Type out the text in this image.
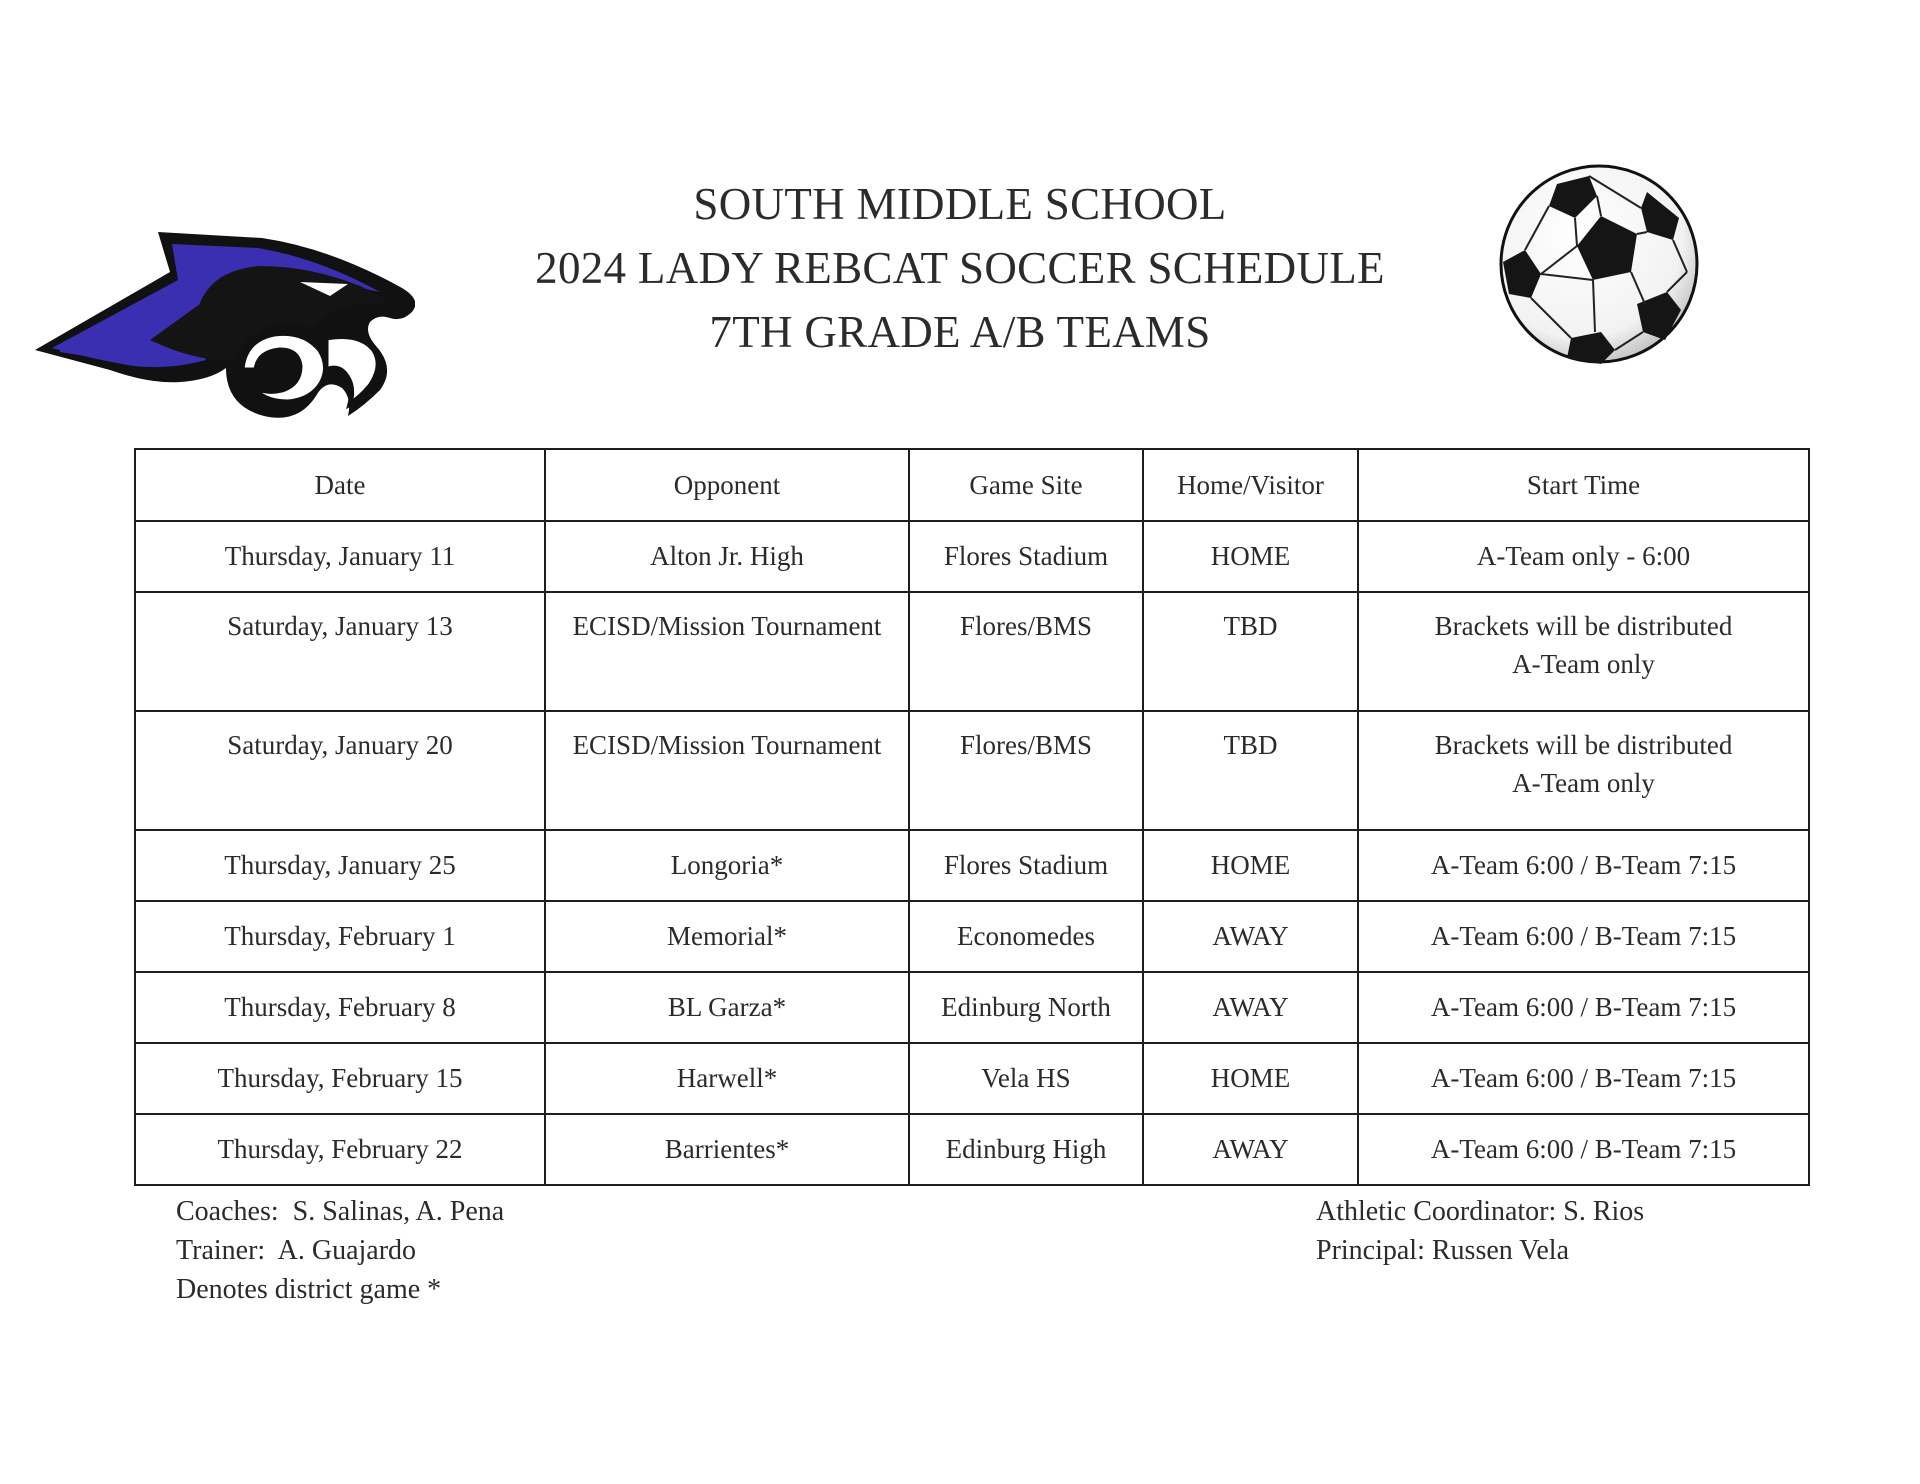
SOUTH MIDDLE SCHOOL
2024 LADY REBCAT SOCCER SCHEDULE
7TH GRADE A/B TEAMS
Date	Opponent	Game Site	Home/Visitor	Start Time
Thursday, January 11	Alton Jr. High	Flores Stadium	HOME	A-Team only - 6:00
Saturday, January 13	ECISD/Mission Tournament	Flores/BMS	TBD	Brackets will be distributed
A-Team only

Saturday, January 20	ECISD/Mission Tournament	Flores/BMS	TBD	Brackets will be distributed
A-Team only

Thursday, January 25	Longoria*	Flores Stadium	HOME	A-Team 6:00 / B-Team 7:15
Thursday, February 1	Memorial*	Economedes	AWAY	A-Team 6:00 / B-Team 7:15
Thursday, February 8	BL Garza*	Edinburg North	AWAY	A-Team 6:00 / B-Team 7:15
Thursday, February 15	Harwell*	Vela HS	HOME	A-Team 6:00 / B-Team 7:15
Thursday, February 22	Barrientes*	Edinburg High	AWAY	A-Team 6:00 / B-Team 7:15
Coaches:  S. Salinas, A. Pena
Trainer:  A. Guajardo
Denotes district game *
Athletic Coordinator: S. Rios
Principal: Russen Vela
